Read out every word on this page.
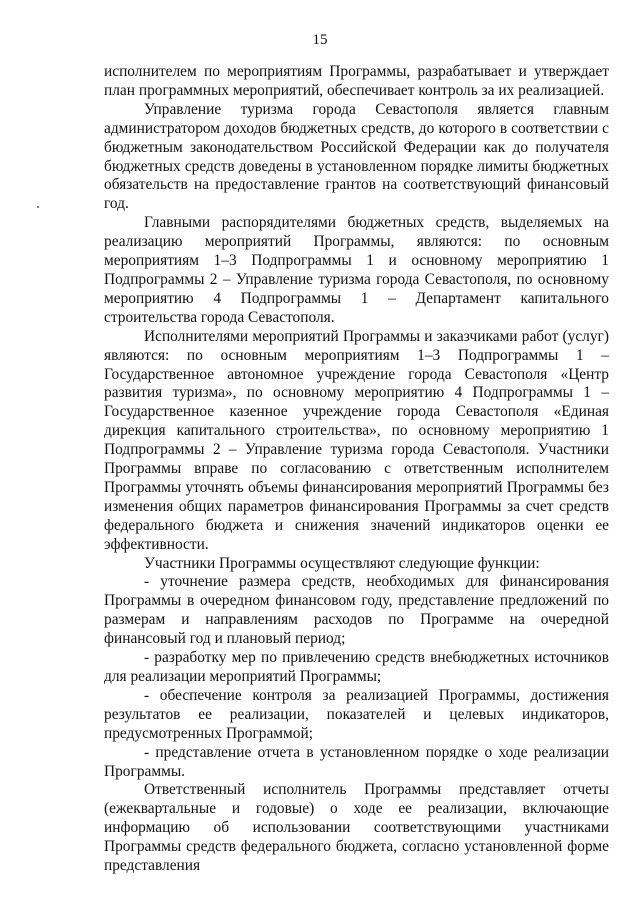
15

исполнителем по мероприятиям Программы, разрабатывает и утверждает план программных мероприятий, обеспечивает контроль за их реализацией.

Управление туризма города Севастополя является главным администратором доходов бюджетных средств, до которого в соответствии с бюджетным законодательством Российской Федерации как до получателя бюджетных средств доведены в установленном порядке лимиты бюджетных обязательств на предоставление грантов на соответствующий финансовый год.

Главными распорядителями бюджетных средств, выделяемых на реализацию мероприятий Программы, являются: по основным мероприятиям 1–3 Подпрограммы 1 и основному мероприятию 1 Подпрограммы 2 – Управление туризма города Севастополя, по основному мероприятию 4 Подпрограммы 1 – Департамент капитального строительства города Севастополя.

Исполнителями мероприятий Программы и заказчиками работ (услуг) являются: по основным мероприятиям 1–3 Подпрограммы 1 – Государственное автономное учреждение города Севастополя «Центр развития туризма», по основному мероприятию 4 Подпрограммы 1 – Государственное казенное учреждение города Севастополя «Единая дирекция капитального строительства», по основному мероприятию 1 Подпрограммы 2 – Управление туризма города Севастополя. Участники Программы вправе по согласованию с ответственным исполнителем Программы уточнять объемы финансирования мероприятий Программы без изменения общих параметров финансирования Программы за счет средств федерального бюджета и снижения значений индикаторов оценки ее эффективности.

Участники Программы осуществляют следующие функции:

- уточнение размера средств, необходимых для финансирования Программы в очередном финансовом году, представление предложений по размерам и направлениям расходов по Программе на очередной финансовый год и плановый период;

- разработку мер по привлечению средств внебюджетных источников для реализации мероприятий Программы;

- обеспечение контроля за реализацией Программы, достижения результатов ее реализации, показателей и целевых индикаторов, предусмотренных Программой;

- представление отчета в установленном порядке о ходе реализации Программы.

Ответственный исполнитель Программы представляет отчеты (ежеквартальные и годовые) о ходе ее реализации, включающие информацию об использовании соответствующими участниками Программы средств федерального бюджета, согласно установленной форме представления
